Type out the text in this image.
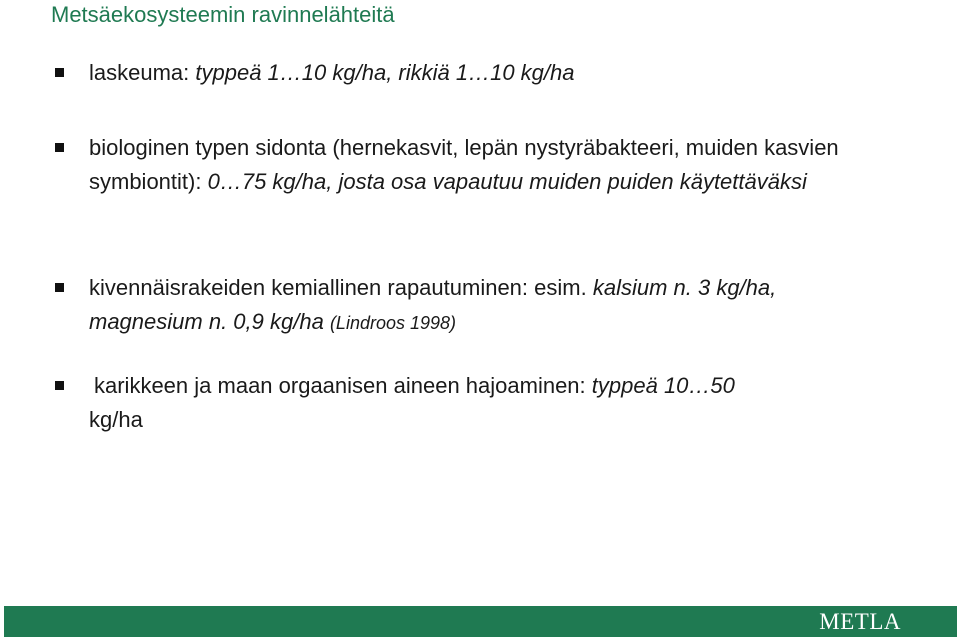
Metsäekosysteemin ravinnelähteitä
laskeuma: typpeä 1…10 kg/ha, rikkiä 1…10 kg/ha
biologinen typen sidonta (hernekasvit, lepän nystyräbakteeri, muiden kasvien symbiontit): 0…75 kg/ha, josta osa vapautuu muiden puiden käytettäväksi
kivennäisrakeiden kemiallinen rapautuminen: esim. kalsium n. 3 kg/ha, magnesium n. 0,9 kg/ha (Lindroos 1998)
karikkeen ja maan orgaanisen aineen hajoaminen: typpeä 10…50
kg/ha
METLA
